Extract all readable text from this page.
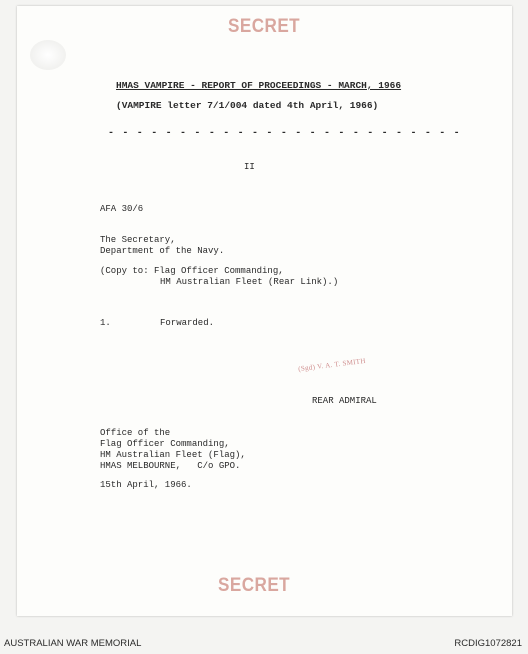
SECRET
HMAS VAMPIRE - REPORT OF PROCEEDINGS - MARCH, 1966
(VAMPIRE letter 7/1/004 dated 4th April, 1966)
- - - - - - - - - - - - - - - - - - - - - - - - -
II
AFA 30/6
The Secretary,
Department of the Navy.
(Copy to: Flag Officer Commanding,
HM Australian Fleet (Rear Link).)
1.	Forwarded.
(Sgd) V. A. T. SMITH
REAR ADMIRAL
Office of the
Flag Officer Commanding,
HM Australian Fleet (Flag),
HMAS MELBOURNE,   C/o GPO.
15th April, 1966.
SECRET
AUSTRALIAN WAR MEMORIAL	RCDIG1072821
